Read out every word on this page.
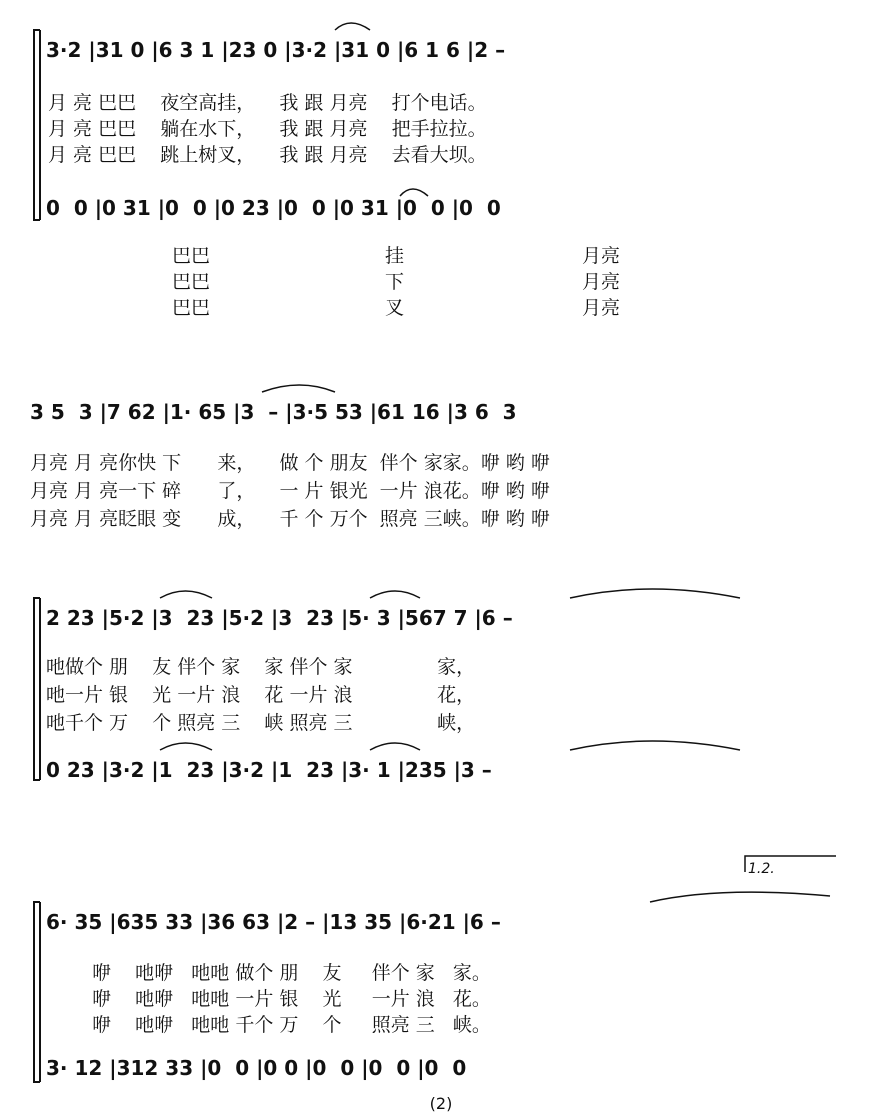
3·2 |31 0 |6 3 1 |23 0 |3·2 |31 0 |6 1 6 |2 –
月 亮 巴巴    夜空高挂，    我 跟 月亮    打个电话。
月 亮 巴巴    躺在水下，    我 跟 月亮    把手拉拉。
月 亮 巴巴    跳上树叉，    我 跟 月亮    去看大坝。
0  0 |0 31 |0  0 |0 23 |0  0 |0 31 |0  0 |0  0
巴巴	挂	月亮
巴巴	下	月亮
巴巴	叉	月亮
3 5  3 |7 62 |1· 65 |3  – |3·5 53 |61 16 |3 6  3
月亮 月 亮你快 下      来，    做 个 朋友  伴个 家家。咿 哟 咿
月亮 月 亮一下 碎      了，    一 片 银光  一片 浪花。咿 哟 咿
月亮 月 亮眨眼 变      成，    千 个 万个  照亮 三峡。咿 哟 咿
2 23 |5·2 |3  23 |5·2 |3  23 |5· 3 |567 7 |6 –
吔做个 朋    友 伴个 家    家 伴个 家              家，
吔一片 银    光 一片 浪    花 一片 浪              花，
吔千个 万    个 照亮 三    峡 照亮 三              峡，
0 23 |3·2 |1  23 |3·2 |1  23 |3· 1 |235 |3 –
1.2.
6· 35 |635 33 |36 63 |2 – |13 35 |6·21 |6 –
咿    吔咿   吔吔 做个 朋    友     伴个 家   家。
咿    吔咿   吔吔 一片 银    光     一片 浪   花。
咿    吔咿   吔吔 千个 万    个     照亮 三   峡。
3· 12 |312 33 |0  0 |0 0 |0  0 |0  0 |0  0
(2)
